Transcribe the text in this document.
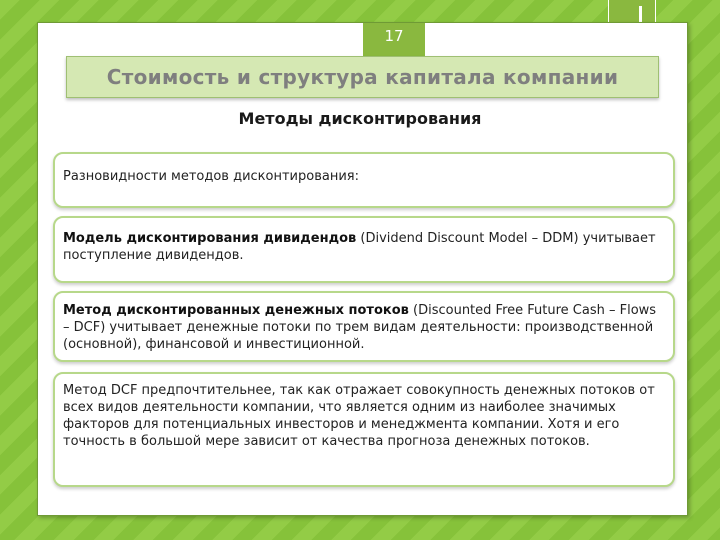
17
Стоимость и структура капитала компании
Методы дисконтирования
Разновидности методов дисконтирования:
Модель дисконтирования дивидендов (Dividend Discount Model – DDM) учитывает поступление дивидендов.
Метод дисконтированных денежных потоков (Discounted Free Future Cash – Flows – DCF) учитывает денежные потоки по трем видам деятельности: производственной (основной), финансовой и инвестиционной.
Метод DCF предпочтительнее, так как отражает совокупность денежных потоков от всех видов деятельности компании, что является одним из наиболее значимых факторов для потенциальных инвесторов и менеджмента компании. Хотя и его точность в большой мере зависит от качества прогноза денежных потоков.
